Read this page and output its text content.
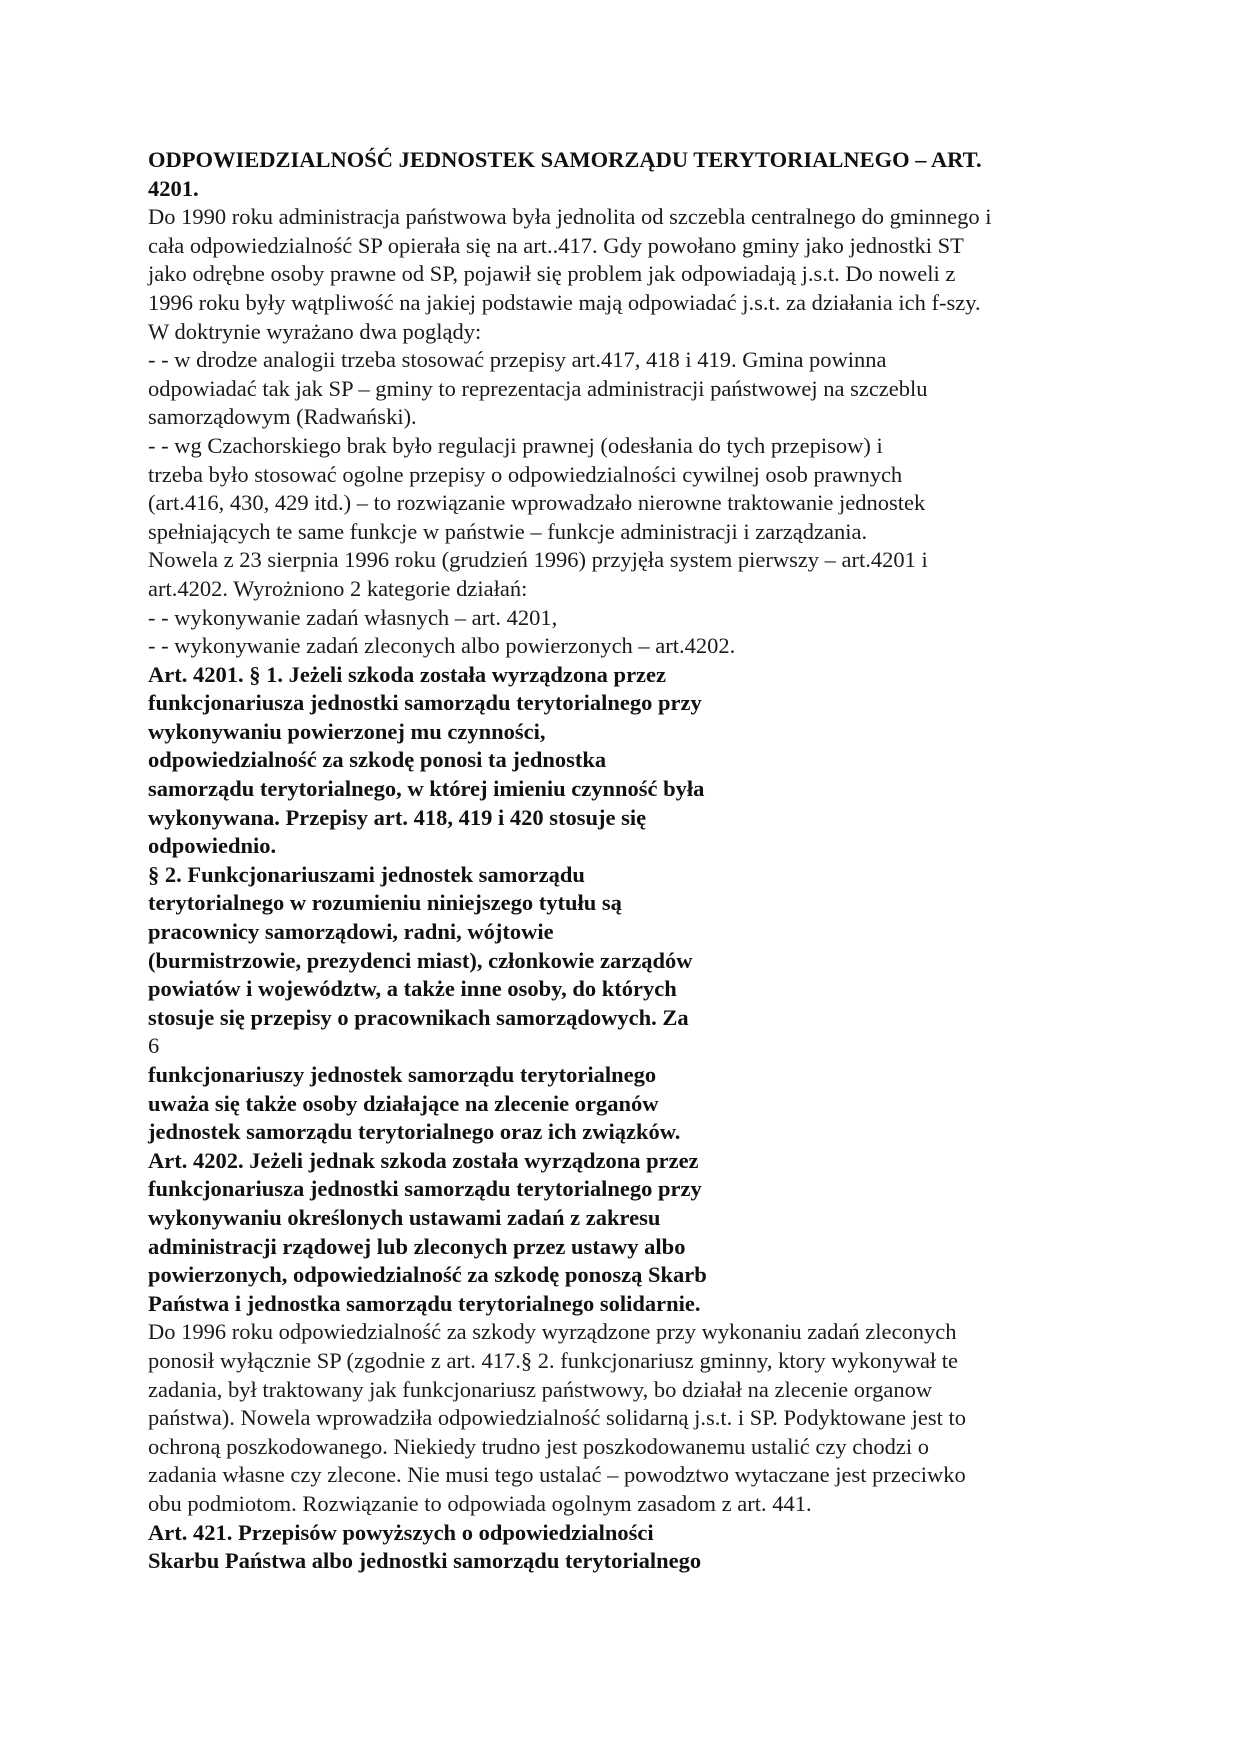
ODPOWIEDZIALNOŚĆ JEDNOSTEK SAMORZĄDU TERYTORIALNEGO – ART.
4201.
Do 1990 roku administracja państwowa była jednolita od szczebla centralnego do gminnego i
cała odpowiedzialność SP opierała się na art..417. Gdy powołano gminy jako jednostki ST
jako odrębne osoby prawne od SP, pojawił się problem jak odpowiadają j.s.t. Do noweli z
1996 roku były wątpliwość na jakiej podstawie mają odpowiadać j.s.t. za działania ich f-szy.
W doktrynie wyrażano dwa poglądy:
- - w drodze analogii trzeba stosować przepisy art.417, 418 i 419. Gmina powinna
odpowiadać tak jak SP – gminy to reprezentacja administracji państwowej na szczeblu
samorządowym (Radwański).
- - wg Czachorskiego brak było regulacji prawnej (odesłania do tych przepisow) i
trzeba było stosować ogolne przepisy o odpowiedzialności cywilnej osob prawnych
(art.416, 430, 429 itd.) – to rozwiązanie wprowadzało nierowne traktowanie jednostek
spełniających te same funkcje w państwie – funkcje administracji i zarządzania.
Nowela z 23 sierpnia 1996 roku (grudzień 1996) przyjęła system pierwszy – art.4201 i
art.4202. Wyrożniono 2 kategorie działań:
- - wykonywanie zadań własnych – art. 4201,
- - wykonywanie zadań zleconych albo powierzonych – art.4202.
Art. 4201. § 1. Jeżeli szkoda została wyrządzona przez
funkcjonariusza jednostki samorządu terytorialnego przy
wykonywaniu powierzonej mu czynności,
odpowiedzialność za szkodę ponosi ta jednostka
samorządu terytorialnego, w której imieniu czynność była
wykonywana. Przepisy art. 418, 419 i 420 stosuje się
odpowiednio.
§ 2. Funkcjonariuszami jednostek samorządu
terytorialnego w rozumieniu niniejszego tytułu są
pracownicy samorządowi, radni, wójtowie
(burmistrzowie, prezydenci miast), członkowie zarządów
powiatów i województw, a także inne osoby, do których
stosuje się przepisy o pracownikach samorządowych. Za
6
funkcjonariuszy jednostek samorządu terytorialnego
uważa się także osoby działające na zlecenie organów
jednostek samorządu terytorialnego oraz ich związków.
Art. 4202. Jeżeli jednak szkoda została wyrządzona przez
funkcjonariusza jednostki samorządu terytorialnego przy
wykonywaniu określonych ustawami zadań z zakresu
administracji rządowej lub zleconych przez ustawy albo
powierzonych, odpowiedzialność za szkodę ponoszą Skarb
Państwa i jednostka samorządu terytorialnego solidarnie.
Do 1996 roku odpowiedzialność za szkody wyrządzone przy wykonaniu zadań zleconych
ponosił wyłącznie SP (zgodnie z art. 417.§ 2. funkcjonariusz gminny, ktory wykonywał te
zadania, był traktowany jak funkcjonariusz państwowy, bo działał na zlecenie organow
państwa). Nowela wprowadziła odpowiedzialność solidarną j.s.t. i SP. Podyktowane jest to
ochroną poszkodowanego. Niekiedy trudno jest poszkodowanemu ustalić czy chodzi o
zadania własne czy zlecone. Nie musi tego ustalać – powodztwo wytaczane jest przeciwko
obu podmiotom. Rozwiązanie to odpowiada ogolnym zasadom z art. 441.
Art. 421. Przepisów powyższych o odpowiedzialności
Skarbu Państwa albo jednostki samorządu terytorialnego
